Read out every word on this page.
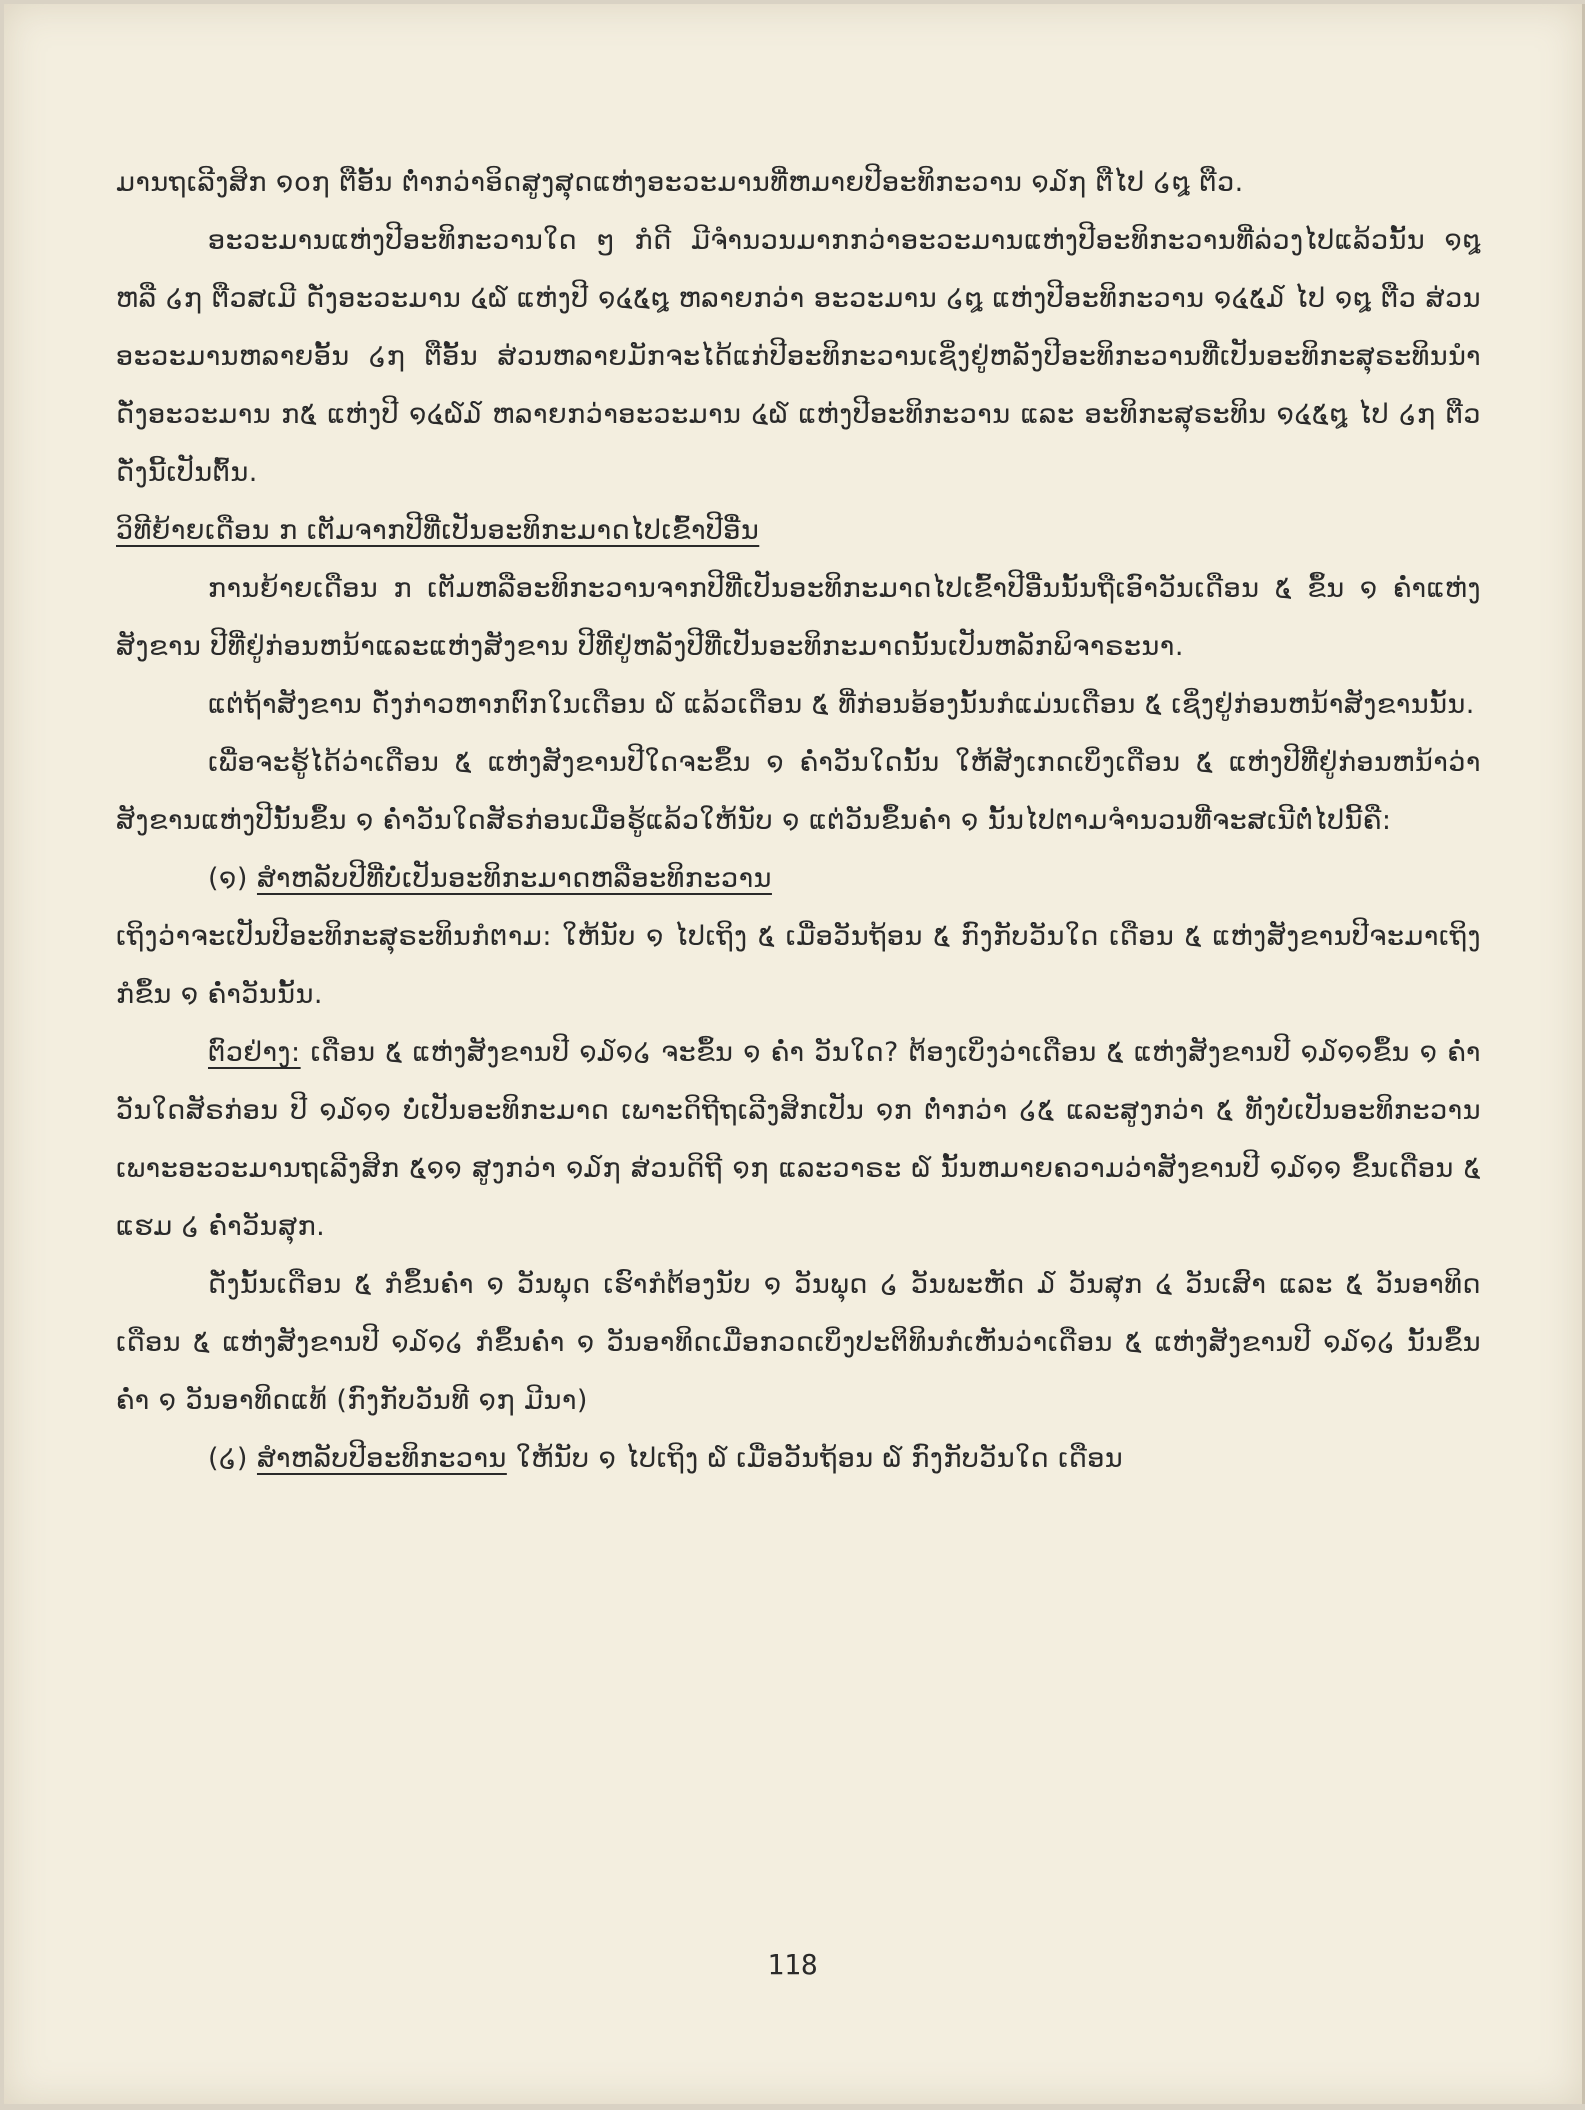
ມານຖເລີງສິກ ໑໐໗ ຕືອັ້ນ ຕ່ຳກວ່າອິດສູງສຸດແຫ່ງອະວະມານທີ່ຫມາຍປີອະທິກະວານ ໑໓໗ ຕືໄປ ໒໘ ຕືວ.

ອະວະມານແຫ່ງປີອະທິກະວານໃດ ໆ ກໍດີ ມີຈຳນວນມາກກວ່າອະວະມານແຫ່ງປີອະທິກະວານທີ່ລ່ວງໄປແລ້ວນັ້ນ ໑໘ ຫລື ໒໗ ຕືວສເມີ ດັ່ງອະວະມານ ໔໖ ແຫ່ງປີ ໑໔໕໘ ຫລາຍກວ່າ ອະວະມານ ໒໘ ແຫ່ງປີອະທິກະວານ ໑໔໕໓ ໄປ ໑໘ ຕືວ ສ່ວນອະວະມານຫລາຍອັ້ນ ໒໗ ຕືອັ້ນ ສ່ວນຫລາຍມັກຈະໄດ້ແກ່ປີອະທິກະວານເຊິ່ງຢູ່ຫລັງປີອະທິກະວານທີ່ເປັນອະທິກະສຸຣະທິນນຳ ດັ່ງອະວະມານ ກ໕ ແຫ່ງປີ ໑໔໖໓ ຫລາຍກວ່າອະວະມານ ໔໖ ແຫ່ງປີອະທິກະວານ ແລະ ອະທິກະສຸຣະທິນ ໑໔໕໘ ໄປ ໒໗ ຕືວ ດັ່ງນີ້ເປັນຕົ້ນ.

ວິທີຍ້າຍເດືອນ ກ ເຕັມຈາກປີທີ່ເປັນອະທິກະມາດໄປເຂົ້າປີອື່ນ

ການຍ້າຍເດືອນ ກ ເຕັມຫລືອະທິກະວານຈາກປີທີ່ເປັນອະທິກະມາດໄປເຂົ້າປີອື່ນນັ້ນຖືເອົາວັນເດືອນ ໕ ຂຶ້ນ ໑ ຄ່ຳແຫ່ງສັງຂານ ປີທີ່ຢູ່ກ່ອນຫນ້າແລະແຫ່ງສັງຂານ ປີທີ່ຢູ່ຫລັງປີທີ່ເປັນອະທິກະມາດນັ້ນເປັນຫລັກພິຈາຣະນາ.

ແຕ່ຖ້າສັງຂານ ດັ່ງກ່າວຫາກຕົກໃນເດືອນ ໖ ແລ້ວເດືອນ ໕ ທີ່ກ່ອນອ້ອງນັ້ນກໍແມ່ນເດືອນ ໕ ເຊິ່ງຢູ່ກ່ອນຫນ້າສັງຂານນັ້ນ.

ເພື່ອຈະຮູ້ໄດ້ວ່າເດືອນ ໕ ແຫ່ງສັງຂານປີໃດຈະຂຶ້ນ ໑ ຄ່ຳວັນໃດນັ້ນ ໃຫ້ສັງເກດເບິ່ງເດືອນ ໕ ແຫ່ງປີທີ່ຢູ່ກ່ອນຫນ້າວ່າ ສັງຂານແຫ່ງປີນັ້ນຂຶ້ນ ໑ ຄ່ຳວັນໃດສັຣກ່ອນເມື່ອຮູ້ແລ້ວໃຫ້ນັບ ໑ ແຕ່ວັນຂຶ້ນຄ່ຳ ໑ ນັ້ນໄປຕາມຈຳນວນທີ່ຈະສເນີຕໍ່ໄປນີ້ຄື:

(໑) ສຳຫລັບປີທີ່ບໍ່ເປັນອະທິກະມາດຫລືອະທິກະວານ

ເຖິງວ່າຈະເປັນປີອະທິກະສຸຣະທິນກໍຕາມ: ໃຫ້ນັບ ໑ ໄປເຖິງ ໕ ເມື່ອວັນຖ້ອນ ໕ ກົງກັບວັນໃດ ເດືອນ ໕ ແຫ່ງສັງຂານປີຈະມາເຖິງກໍຂຶ້ນ ໑ ຄ່ຳວັນນັ້ນ.

ຕົວຢ່າງ: ເດືອນ ໕ ແຫ່ງສັງຂານປີ ໑໓໑໒ ຈະຂຶ້ນ ໑ ຄ່ຳ ວັນໃດ? ຕ້ອງເບິ່ງວ່າເດືອນ ໕ ແຫ່ງສັງຂານປີ ໑໓໑໑ຂຶ້ນ ໑ ຄ່ຳ ວັນໃດສັຣກ່ອນ ປີ ໑໓໑໑ ບໍ່ເປັນອະທິກະມາດ ເພາະດິຖີຖເລີງສິກເປັນ ໑ກ ຕ່ຳກວ່າ ໒໕ ແລະສູງກວ່າ ໕ ທັງບໍ່ເປັນອະທິກະວານ ເພາະອະວະມານຖເລີງສິກ ໕໑໑ ສູງກວ່າ ໑໓໗ ສ່ວນດິຖີ ໑໗ ແລະວາຣະ ໖ ນັ້ນຫມາຍຄວາມວ່າສັງຂານປີ ໑໓໑໑ ຂຶ້ນເດືອນ ໕ ແຮມ ໒ ຄ່ຳວັນສຸກ.

ດັ່ງນັ້ນເດືອນ ໕ ກໍຂຶ້ນຄ່ຳ ໑ ວັນພຸດ ເຮົາກໍຕ້ອງນັບ ໑ ວັນພຸດ ໒ ວັນພະຫັດ ໓ ວັນສຸກ ໔ ວັນເສົາ ແລະ ໕ ວັນອາທິດເດືອນ ໕ ແຫ່ງສັງຂານປີ ໑໓໑໒ ກໍຂຶ້ນຄ່ຳ ໑ ວັນອາທິດເມື່ອກວດເບິ່ງປະຕິທິນກໍເຫັນວ່າເດືອນ ໕ ແຫ່ງສັງຂານປີ ໑໓໑໒ ນັ້ນຂຶ້ນຄ່ຳ ໑ ວັນອາທິດແທ້ (ກົງກັບວັນທີ ໑໗ ມີນາ)

(໒) ສຳຫລັບປີອະທິກະວານ ໃຫ້ນັບ ໑ ໄປເຖິງ ໖ ເມື່ອວັນຖ້ອນ ໖ ກົງກັບວັນໃດ ເດືອນ

118
